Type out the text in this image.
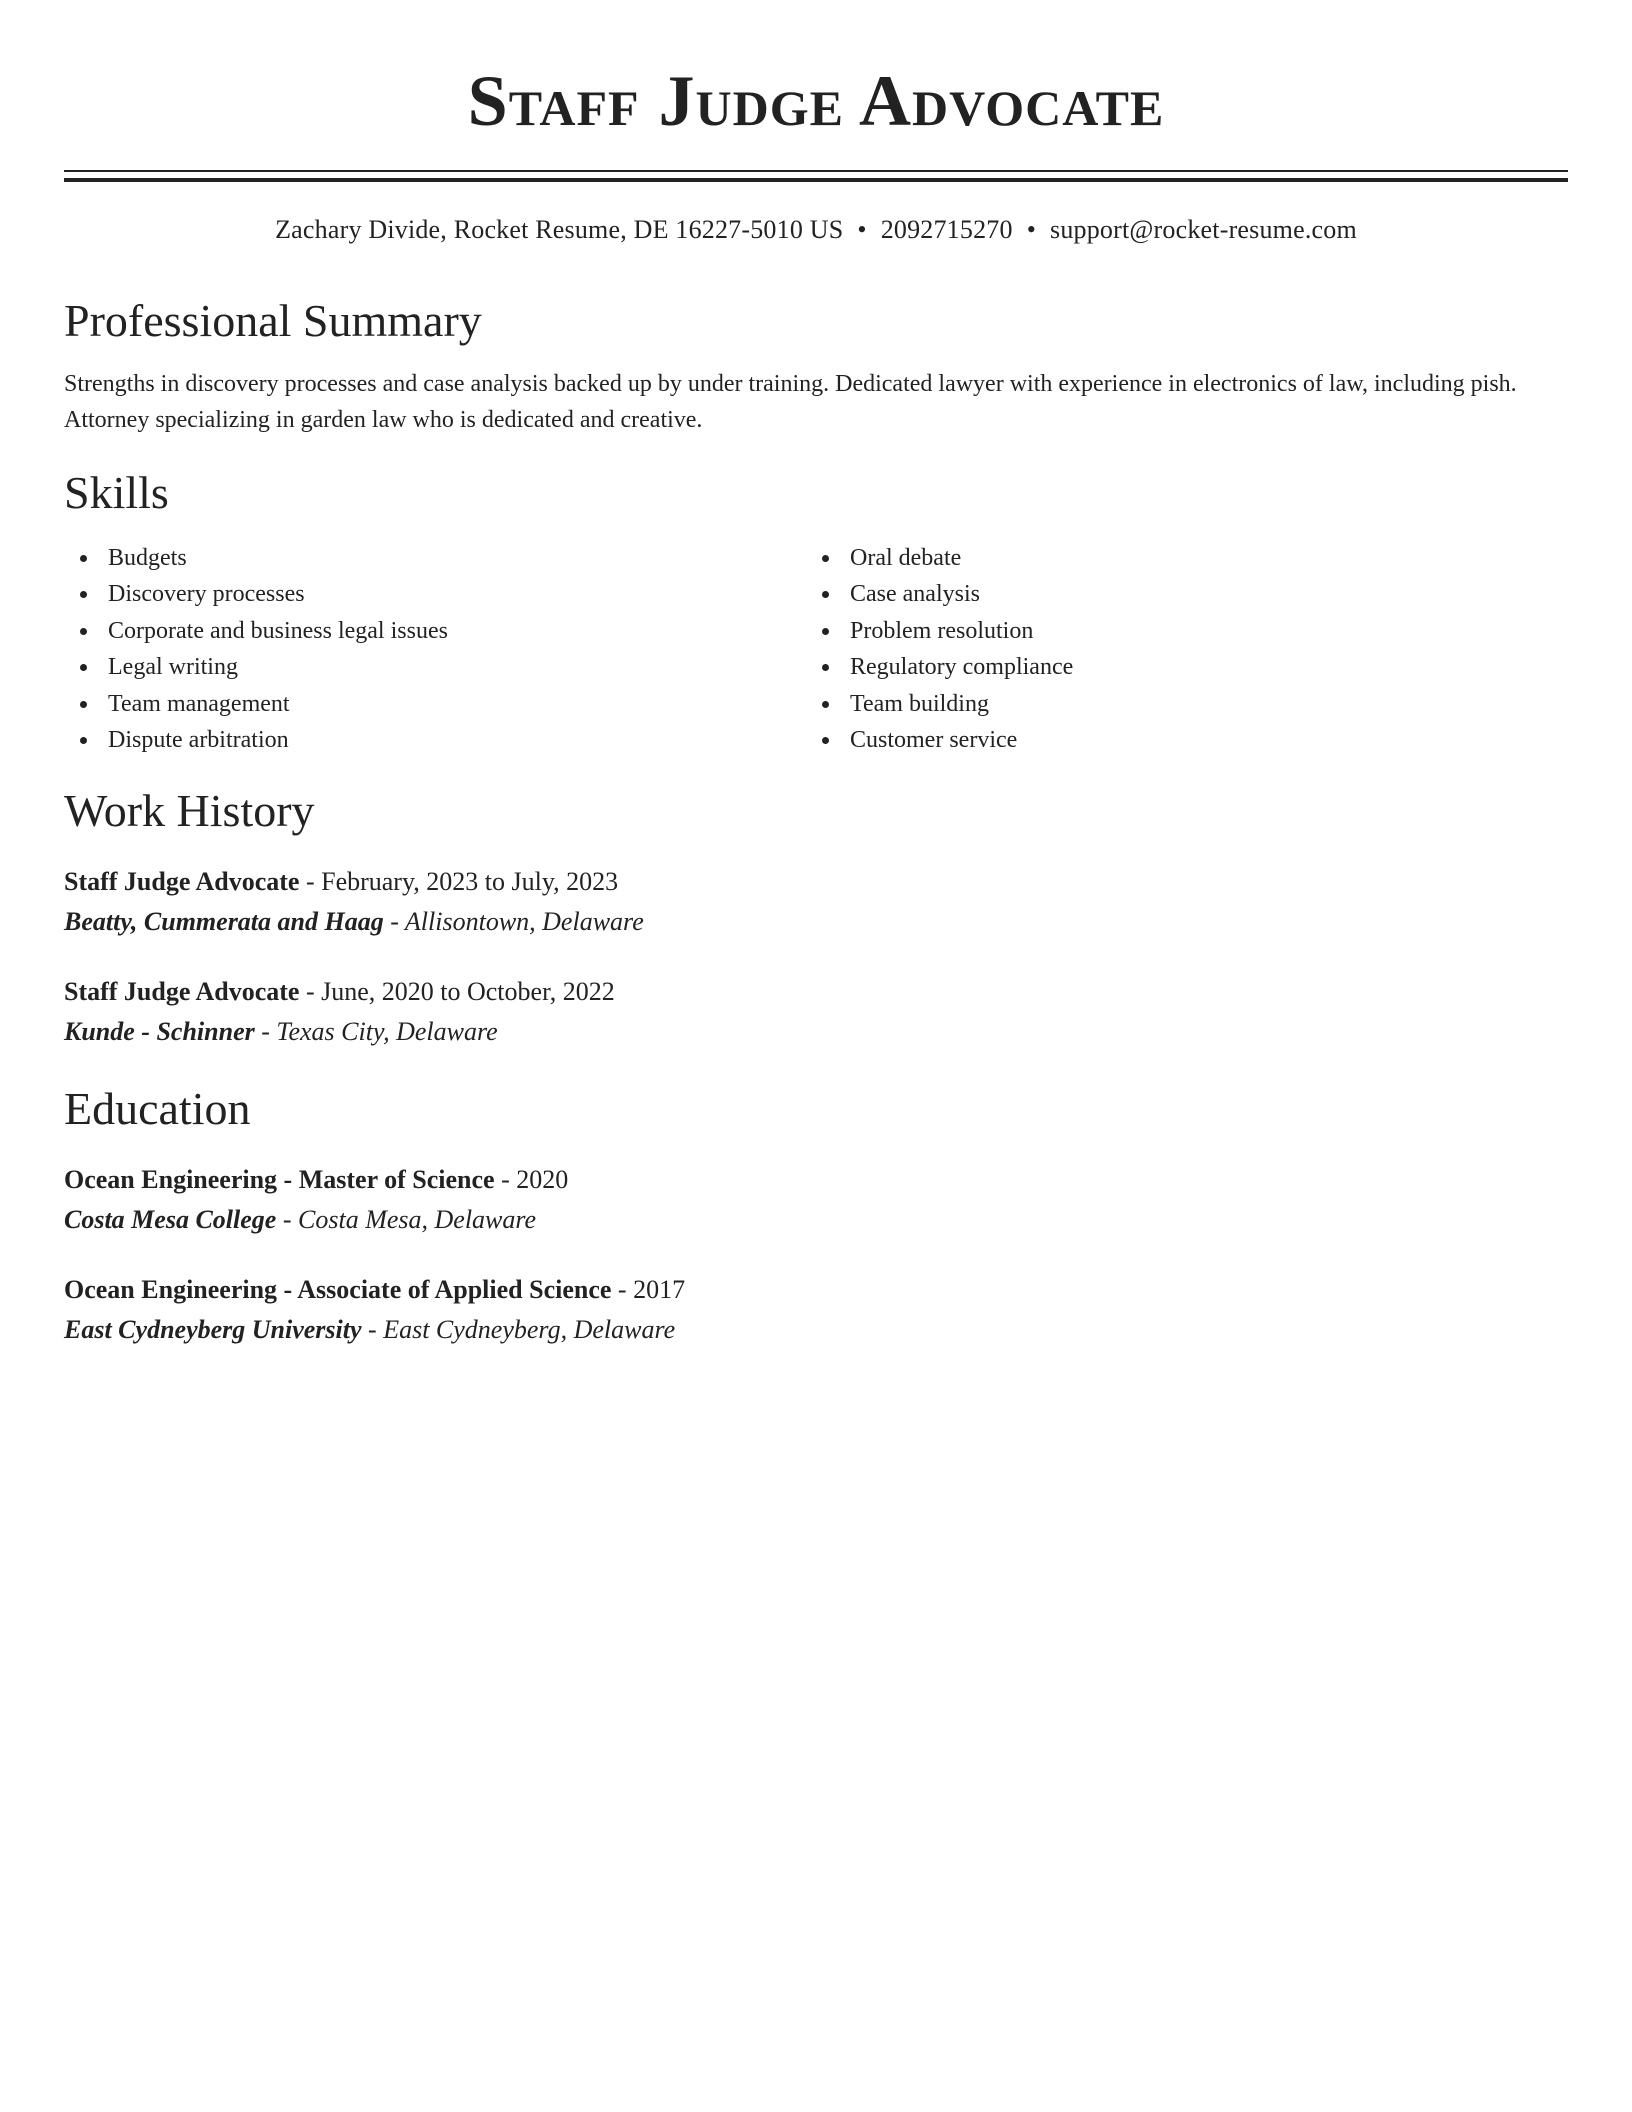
Staff Judge Advocate
Zachary Divide, Rocket Resume, DE 16227-5010 US • 2092715270 • support@rocket-resume.com
Professional Summary
Strengths in discovery processes and case analysis backed up by under training. Dedicated lawyer with experience in electronics of law, including pish. Attorney specializing in garden law who is dedicated and creative.
Skills
Budgets
Discovery processes
Corporate and business legal issues
Legal writing
Team management
Dispute arbitration
Oral debate
Case analysis
Problem resolution
Regulatory compliance
Team building
Customer service
Work History
Staff Judge Advocate - February, 2023 to July, 2023
Beatty, Cummerata and Haag - Allisontown, Delaware
Staff Judge Advocate - June, 2020 to October, 2022
Kunde - Schinner - Texas City, Delaware
Education
Ocean Engineering - Master of Science - 2020
Costa Mesa College - Costa Mesa, Delaware
Ocean Engineering - Associate of Applied Science - 2017
East Cydneyberg University - East Cydneyberg, Delaware
